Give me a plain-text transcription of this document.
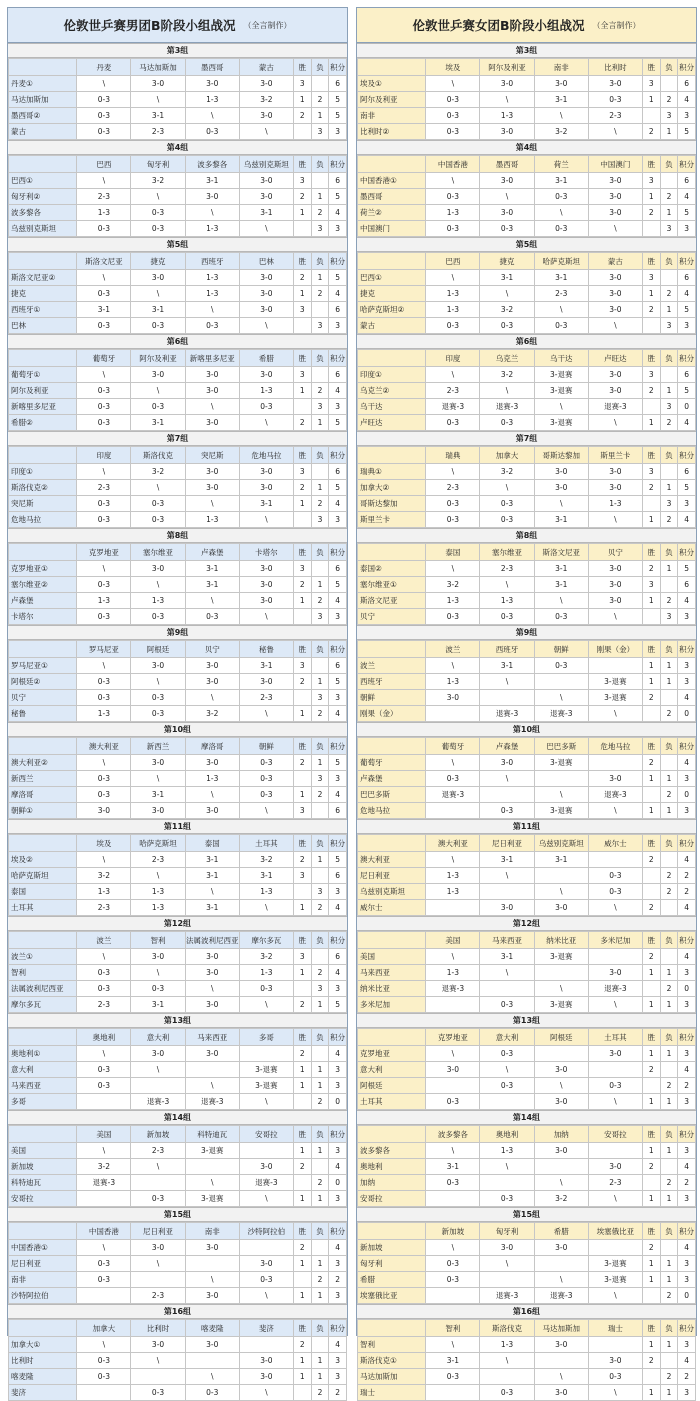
伦敦世乒赛男团B阶段小组战况 （全言制作）
第3组
	丹麦	马达加斯加	墨西哥	蒙古	胜	负	积分
丹麦①	\	3-0	3-0	3-0	3		6
马达加斯加	0-3	\	1-3	3-2	1	2	5
墨西哥②	0-3	3-1	\	3-0	2	1	5
蒙古	0-3	2-3	0-3	\		3	3
第4组
	巴西	匈牙利	波多黎各	乌兹别克斯坦	胜	负	积分
巴西①	\	3-2	3-1	3-0	3		6
匈牙利②	2-3	\	3-0	3-0	2	1	5
波多黎各	1-3	0-3	\	3-1	1	2	4
乌兹别克斯坦	0-3	0-3	1-3	\		3	3
第5组
	斯洛文尼亚	捷克	西班牙	巴林	胜	负	积分
斯洛文尼亚②	\	3-0	1-3	3-0	2	1	5
捷克	0-3	\	1-3	3-0	1	2	4
西班牙①	3-1	3-1	\	3-0	3		6
巴林	0-3	0-3	0-3	\		3	3
第6组
	葡萄牙	阿尔及利亚	新喀里多尼亚	希腊	胜	负	积分
葡萄牙①	\	3-0	3-0	3-0	3		6
阿尔及利亚	0-3	\	3-0	1-3	1	2	4
新喀里多尼亚	0-3	0-3	\	0-3		3	3
希腊②	0-3	3-1	3-0	\	2	1	5
第7组
	印度	斯洛伐克	突尼斯	危地马拉	胜	负	积分
印度①	\	3-2	3-0	3-0	3		6
斯洛伐克②	2-3	\	3-0	3-0	2	1	5
突尼斯	0-3	0-3	\	3-1	1	2	4
危地马拉	0-3	0-3	1-3	\		3	3
第8组
	克罗地亚	塞尔维亚	卢森堡	卡塔尔	胜	负	积分
克罗地亚①	\	3-0	3-1	3-0	3		6
塞尔维亚②	0-3	\	3-1	3-0	2	1	5
卢森堡	1-3	1-3	\	3-0	1	2	4
卡塔尔	0-3	0-3	0-3	\		3	3
第9组
	罗马尼亚	阿根廷	贝宁	秘鲁	胜	负	积分
罗马尼亚①	\	3-0	3-0	3-1	3		6
阿根廷②	0-3	\	3-0	3-0	2	1	5
贝宁	0-3	0-3	\	2-3		3	3
秘鲁	1-3	0-3	3-2	\	1	2	4
第10组
	澳大利亚	新西兰	摩洛哥	朝鲜	胜	负	积分
澳大利亚②	\	3-0	3-0	0-3	2	1	5
新西兰	0-3	\	1-3	0-3		3	3
摩洛哥	0-3	3-1	\	0-3	1	2	4
朝鲜①	3-0	3-0	3-0	\	3		6
第11组
	埃及	哈萨克斯坦	泰国	土耳其	胜	负	积分
埃及②	\	2-3	3-1	3-2	2	1	5
哈萨克斯坦	3-2	\	3-1	3-1	3		6
泰国	1-3	1-3	\	1-3		3	3
土耳其	2-3	1-3	3-1	\	1	2	4
第12组
	波兰	智利	法属波利尼西亚	摩尔多瓦	胜	负	积分
波兰①	\	3-0	3-0	3-2	3		6
智利	0-3	\	3-0	1-3	1	2	4
法属波利尼西亚	0-3	0-3	\	0-3		3	3
摩尔多瓦	2-3	3-1	3-0	\	2	1	5
第13组
	奥地利	意大利	马来西亚	多哥	胜	负	积分
奥地利①	\	3-0	3-0		2		4
意大利	0-3	\		3-退赛	1	1	3
马来西亚	0-3		\	3-退赛	1	1	3
多哥		退赛-3	退赛-3	\		2	0
第14组
	美国	新加坡	科特迪瓦	安哥拉	胜	负	积分
美国	\	2-3	3-退赛		1	1	3
新加坡	3-2	\		3-0	2		4
科特迪瓦	退赛-3		\	退赛-3		2	0
安哥拉		0-3	3-退赛	\	1	1	3
第15组
	中国香港	尼日利亚	南非	沙特阿拉伯	胜	负	积分
中国香港①	\	3-0	3-0		2		4
尼日利亚	0-3	\		3-0	1	1	3
南非	0-3		\	0-3		2	2
沙特阿拉伯		2-3	3-0	\	1	1	3
第16组
	加拿大	比利时	喀麦隆	斐济	胜	负	积分
加拿大①	\	3-0	3-0		2		4
比利时	0-3	\		3-0	1	1	3
喀麦隆	0-3		\	3-0	1	1	3
斐济		0-3	0-3	\		2	2
伦敦世乒赛女团B阶段小组战况 （全言制作）
第3组
	埃及	阿尔及利亚	南非	比利时	胜	负	积分
埃及①	\	3-0	3-0	3-0	3		6
阿尔及利亚	0-3	\	3-1	0-3	1	2	4
南非	0-3	1-3	\	2-3		3	3
比利时②	0-3	3-0	3-2	\	2	1	5
第4组
	中国香港	墨西哥	荷兰	中国澳门	胜	负	积分
中国香港①	\	3-0	3-1	3-0	3		6
墨西哥	0-3	\	0-3	3-0	1	2	4
荷兰②	1-3	3-0	\	3-0	2	1	5
中国澳门	0-3	0-3	0-3	\		3	3
第5组
	巴西	捷克	哈萨克斯坦	蒙古	胜	负	积分
巴西①	\	3-1	3-1	3-0	3		6
捷克	1-3	\	2-3	3-0	1	2	4
哈萨克斯坦②	1-3	3-2	\	3-0	2	1	5
蒙古	0-3	0-3	0-3	\		3	3
第6组
	印度	乌克兰	乌干达	卢旺达	胜	负	积分
印度①	\	3-2	3-退赛	3-0	3		6
乌克兰②	2-3	\	3-退赛	3-0	2	1	5
乌干达	退赛-3	退赛-3	\	退赛-3		3	0
卢旺达	0-3	0-3	3-退赛	\	1	2	4
第7组
	瑞典	加拿大	哥斯达黎加	斯里兰卡	胜	负	积分
瑞典①	\	3-2	3-0	3-0	3		6
加拿大②	2-3	\	3-0	3-0	2	1	5
哥斯达黎加	0-3	0-3	\	1-3		3	3
斯里兰卡	0-3	0-3	3-1	\	1	2	4
第8组
	泰国	塞尔维亚	斯洛文尼亚	贝宁	胜	负	积分
泰国②	\	2-3	3-1	3-0	2	1	5
塞尔维亚①	3-2	\	3-1	3-0	3		6
斯洛文尼亚	1-3	1-3	\	3-0	1	2	4
贝宁	0-3	0-3	0-3	\		3	3
第9组
	波兰	西班牙	朝鲜	刚果（金）	胜	负	积分
波兰	\	3-1	0-3		1	1	3
西班牙	1-3	\		3-退赛	1	1	3
朝鲜	3-0		\	3-退赛	2		4
刚果（金）		退赛-3	退赛-3	\		2	0
第10组
	葡萄牙	卢森堡	巴巴多斯	危地马拉	胜	负	积分
葡萄牙	\	3-0	3-退赛		2		4
卢森堡	0-3	\		3-0	1	1	3
巴巴多斯	退赛-3		\	退赛-3		2	0
危地马拉		0-3	3-退赛	\	1	1	3
第11组
	澳大利亚	尼日利亚	乌兹别克斯坦	威尔士	胜	负	积分
澳大利亚	\	3-1	3-1		2		4
尼日利亚	1-3	\		0-3		2	2
乌兹别克斯坦	1-3		\	0-3		2	2
威尔士		3-0	3-0	\	2		4
第12组
	美国	马来西亚	纳米比亚	多米尼加	胜	负	积分
美国	\	3-1	3-退赛		2		4
马来西亚	1-3	\		3-0	1	1	3
纳米比亚	退赛-3		\	退赛-3		2	0
多米尼加		0-3	3-退赛	\	1	1	3
第13组
	克罗地亚	意大利	阿根廷	土耳其	胜	负	积分
克罗地亚	\	0-3		3-0	1	1	3
意大利	3-0	\	3-0		2		4
阿根廷		0-3	\	0-3		2	2
土耳其	0-3		3-0	\	1	1	3
第14组
	波多黎各	奥地利	加纳	安哥拉	胜	负	积分
波多黎各	\	1-3	3-0		1	1	3
奥地利	3-1	\		3-0	2		4
加纳	0-3		\	2-3		2	2
安哥拉		0-3	3-2	\	1	1	3
第15组
	新加坡	匈牙利	希腊	埃塞俄比亚	胜	负	积分
新加坡	\	3-0	3-0		2		4
匈牙利	0-3	\		3-退赛	1	1	3
希腊	0-3		\	3-退赛	1	1	3
埃塞俄比亚		退赛-3	退赛-3	\		2	0
第16组
	智利	斯洛伐克	马达加斯加	瑞士	胜	负	积分
智利	\	1-3	3-0		1	1	3
斯洛伐克①	3-1	\		3-0	2		4
马达加斯加	0-3		\	0-3		2	2
瑞士		0-3	3-0	\	1	1	3
